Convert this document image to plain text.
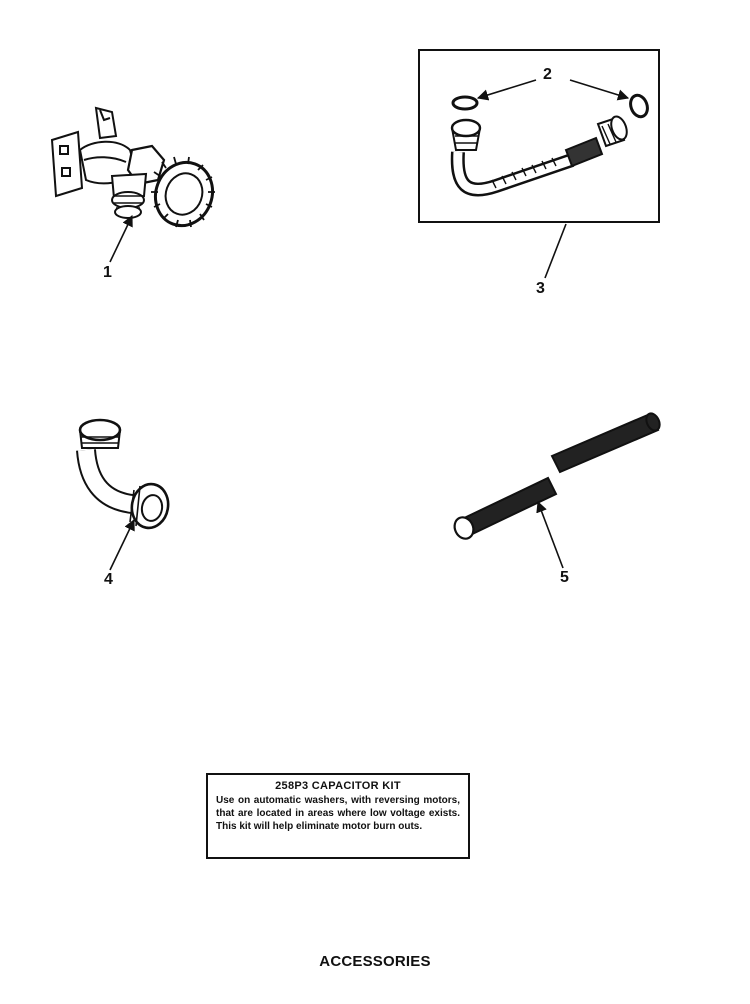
1
2
3
4	5
258P3 CAPACITOR KIT
Use on automatic washers, with reversing motors, that are located in areas where low voltage exists. This kit will help eliminate motor burn outs.
ACCESSORIES
